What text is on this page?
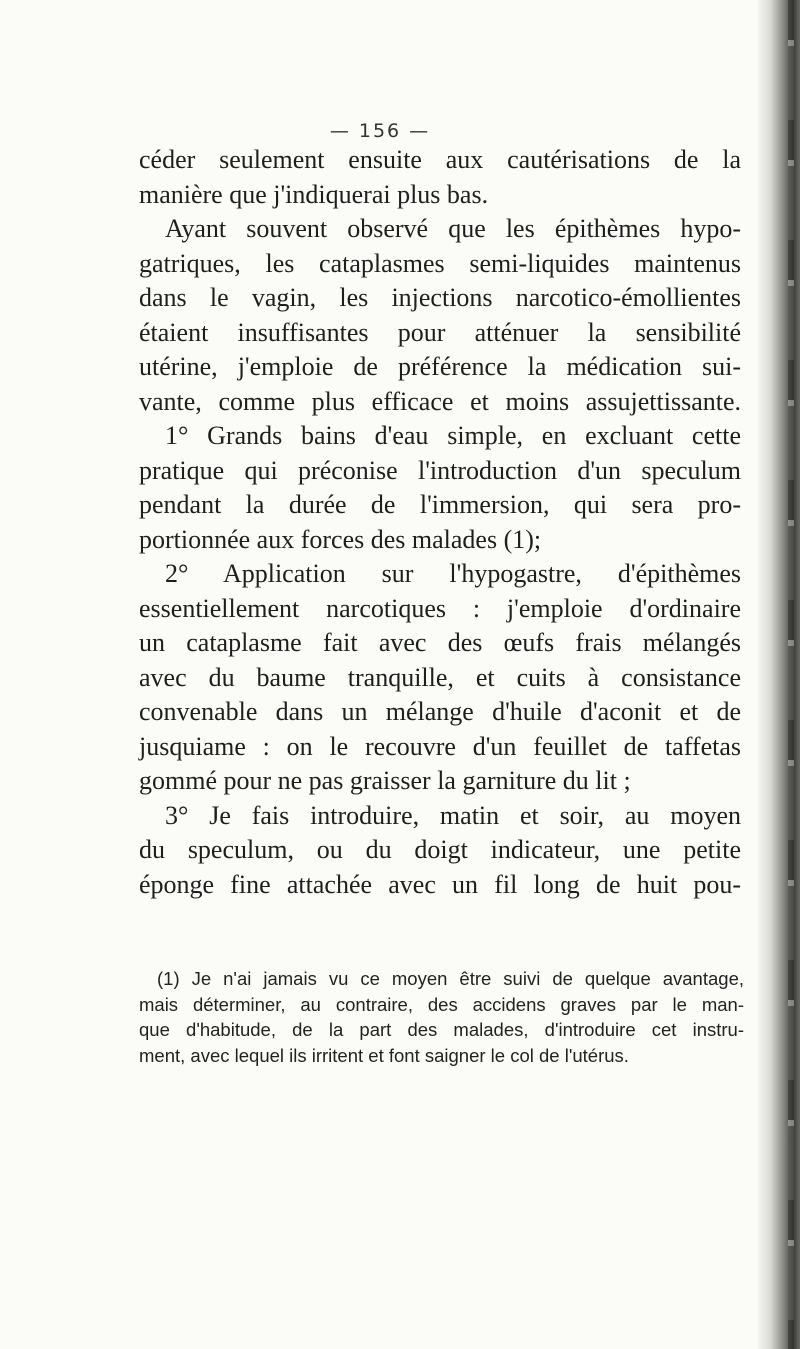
— 156 —
céder seulement ensuite aux cautérisations de la
manière que j'indiquerai plus bas.
Ayant souvent observé que les épithèmes hypo-
gatriques, les cataplasmes semi-liquides maintenus
dans le vagin, les injections narcotico-émollientes
étaient insuffisantes pour atténuer la sensibilité
utérine, j'emploie de préférence la médication sui-
vante, comme plus efficace et moins assujettissante.
1° Grands bains d'eau simple, en excluant cette
pratique qui préconise l'introduction d'un speculum
pendant la durée de l'immersion, qui sera pro-
portionnée aux forces des malades (1);
2° Application sur l'hypogastre, d'épithèmes
essentiellement narcotiques : j'emploie d'ordinaire
un cataplasme fait avec des œufs frais mélangés
avec du baume tranquille, et cuits à consistance
convenable dans un mélange d'huile d'aconit et de
jusquiame : on le recouvre d'un feuillet de taffetas
gommé pour ne pas graisser la garniture du lit ;
3° Je fais introduire, matin et soir, au moyen
du speculum, ou du doigt indicateur, une petite
éponge fine attachée avec un fil long de huit pou-
(1) Je n'ai jamais vu ce moyen être suivi de quelque avantage,
mais déterminer, au contraire, des accidens graves par le man-
que d'habitude, de la part des malades, d'introduire cet instru-
ment, avec lequel ils irritent et font saigner le col de l'utérus.
